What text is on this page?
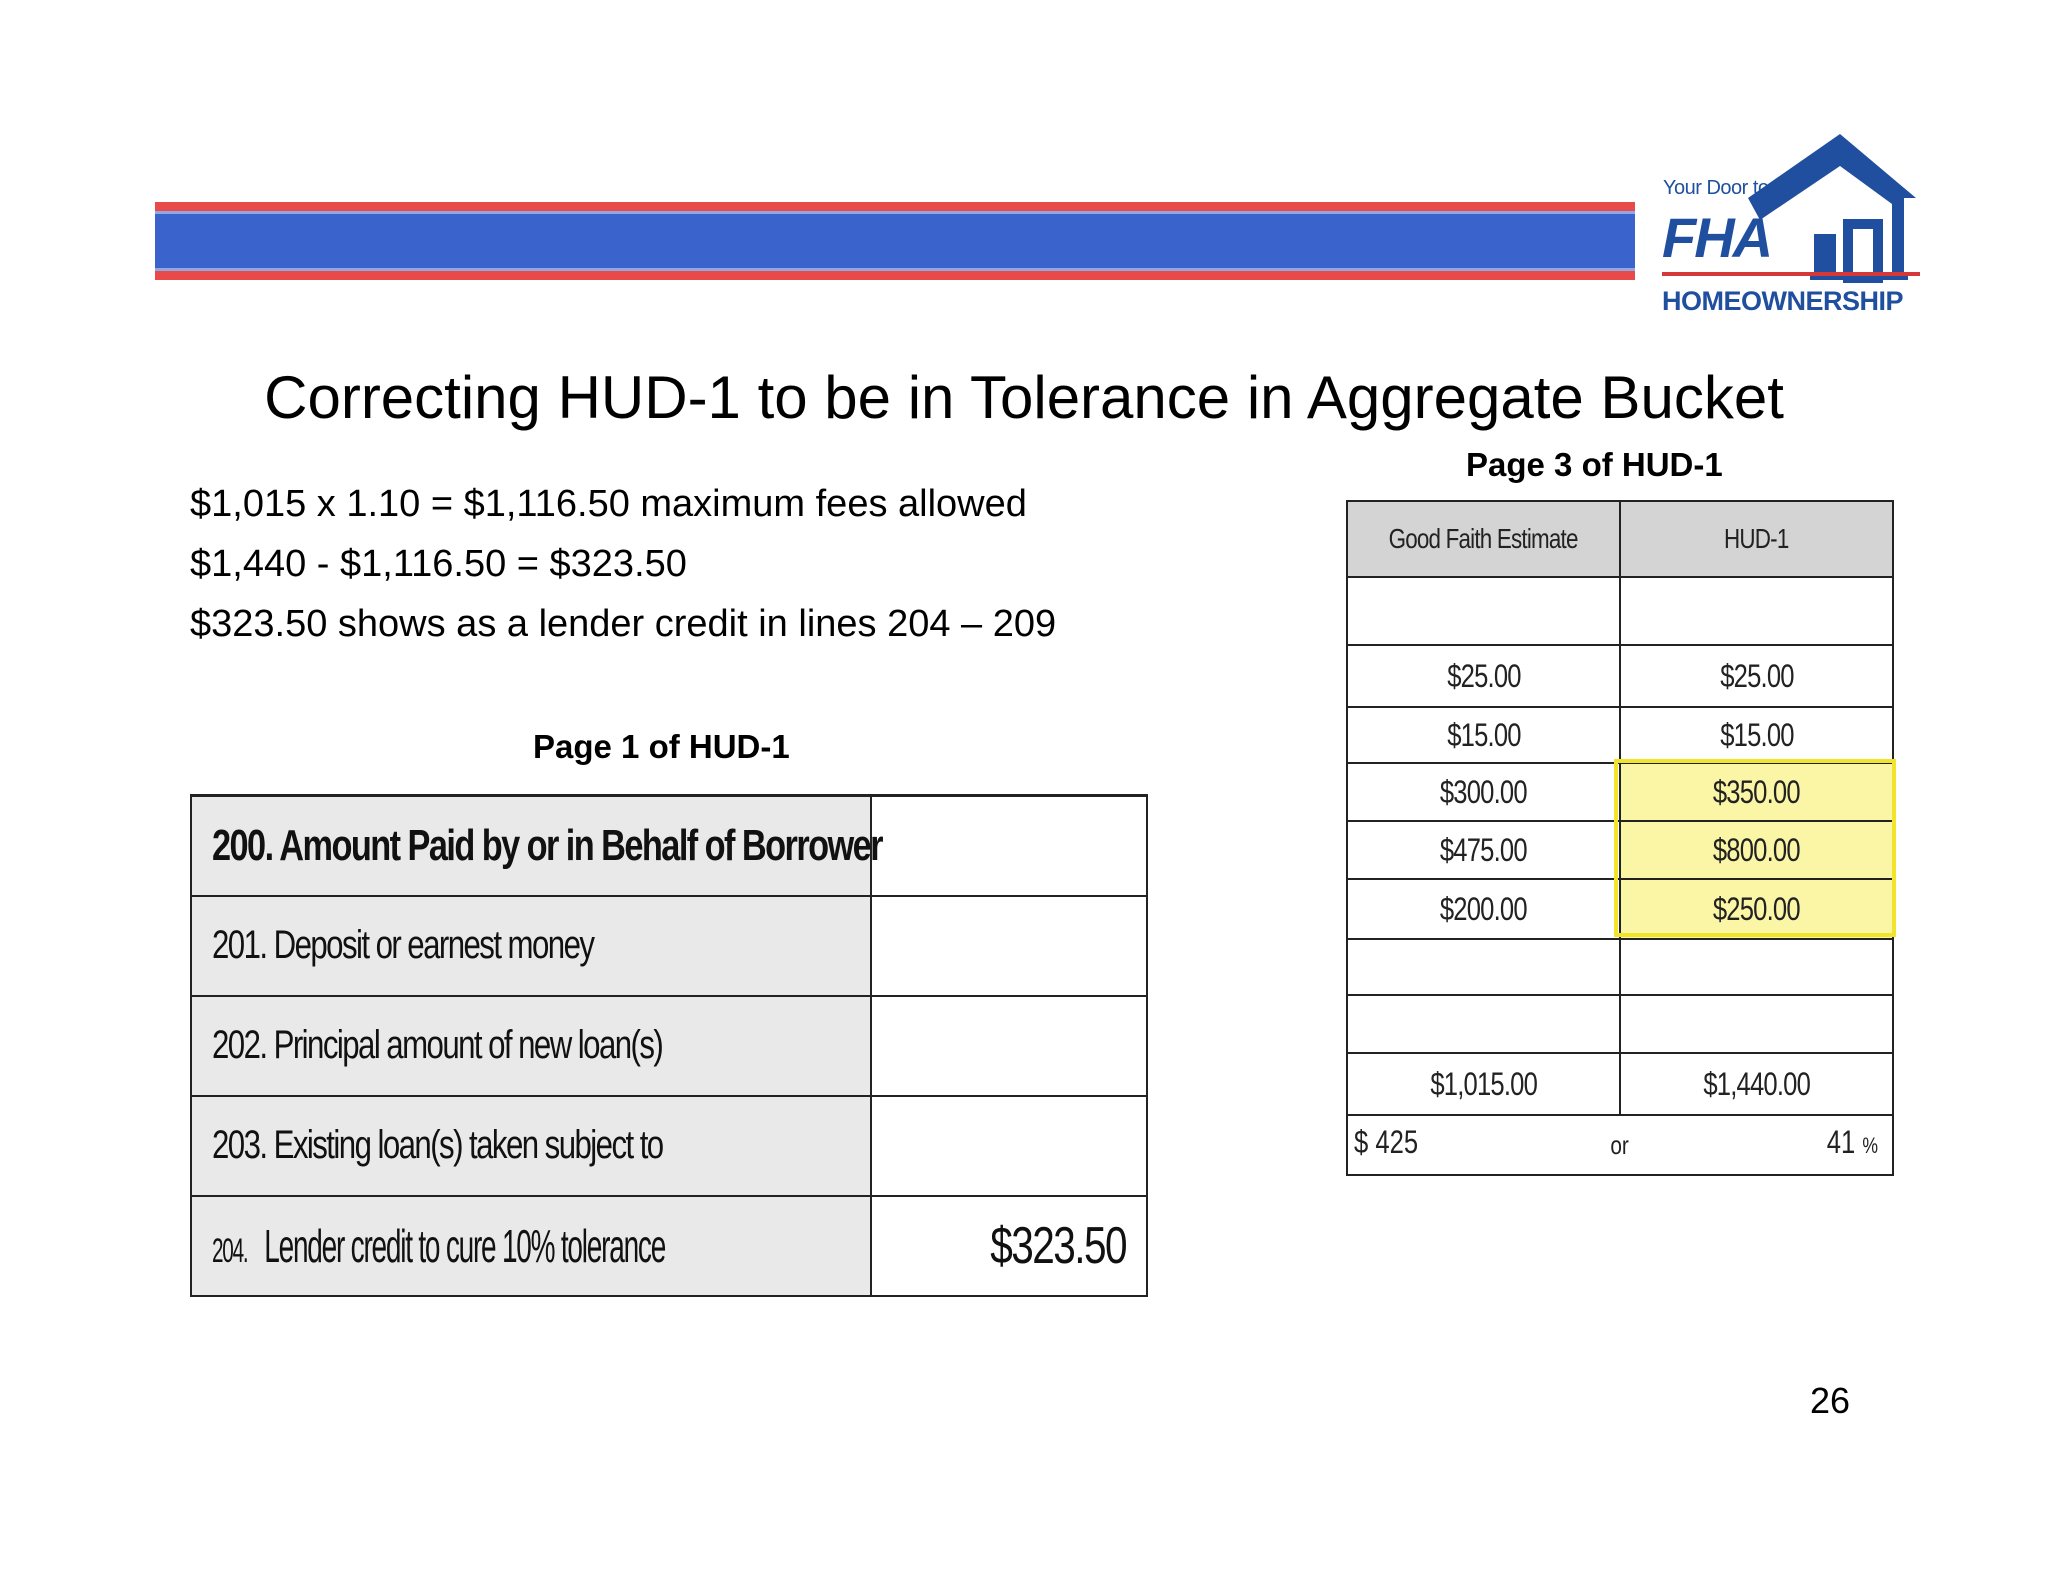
Your Door to
FHA
HOMEOWNERSHIP
Correcting HUD-1 to be in Tolerance in Aggregate Bucket
$1,015 x 1.10 = $1,116.50 maximum fees allowed
$1,440 - $1,116.50 = $323.50
$323.50 shows as a lender credit in lines 204 – 209
Page 1 of HUD-1
200. Amount Paid by or in Behalf of Borrower	
201. Deposit or earnest money	
202. Principal amount of new loan(s)	
203. Existing loan(s) taken subject to	
204. Lender credit to cure 10% tolerance	$323.50
Page 3 of HUD-1
Good Faith Estimate	HUD-1

$25.00	$25.00
$15.00	$15.00
$300.00	$350.00
$475.00	$800.00
$200.00	$250.00

$1,015.00	$1,440.00
$ 425	or	41 %
26
